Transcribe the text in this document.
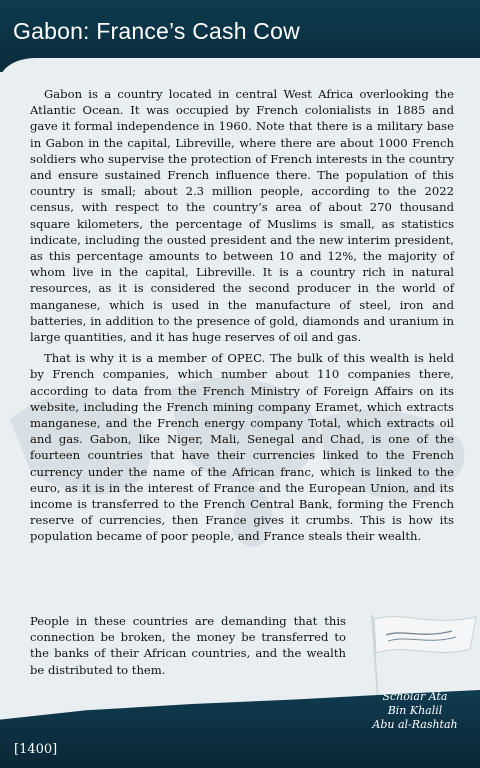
Gabon: France’s Cash Cow

Gabon is a country located in central West Africa overlooking the Atlantic Ocean. It was occupied by French colonialists in 1885 and gave it formal independence in 1960. Note that there is a military base in Gabon in the capital, Libreville, where there are about 1000 French soldiers who supervise the protection of French interests in the country and ensure sustained French influence there. The population of this country is small; about 2.3 million people, according to the 2022 census, with respect to the country’s area of about 270 thousand square kilometers, the percentage of Muslims is small, as statistics indicate, including the ousted president and the new interim president, as this percentage amounts to between 10 and 12%, the majority of whom live in the capital, Libreville. It is a country rich in natural resources, as it is considered the second producer in the world of manganese, which is used in the manufacture of steel, iron and batteries, in addition to the presence of gold, diamonds and uranium in large quantities, and it has huge reserves of oil and gas.

That is why it is a member of OPEC. The bulk of this wealth is held by French companies, which number about 110 companies there, according to data from the French Ministry of Foreign Affairs on its website, including the French mining company Eramet, which extracts manganese, and the French energy company Total, which extracts oil and gas. Gabon, like Niger, Mali, Senegal and Chad, is one of the fourteen countries that have their currencies linked to the French currency under the name of the African franc, which is linked to the euro, as it is in the interest of France and the European Union, and its income is transferred to the French Central Bank, forming the French reserve of currencies, then France gives it crumbs. This is how its population became of poor people, and France steals their wealth.

People in these countries are demanding that this connection be broken, the money be transferred to the banks of their African countries, and the wealth be distributed to them.
[1400]
Scholar Ata
Bin Khalil
Abu al-Rashtah
